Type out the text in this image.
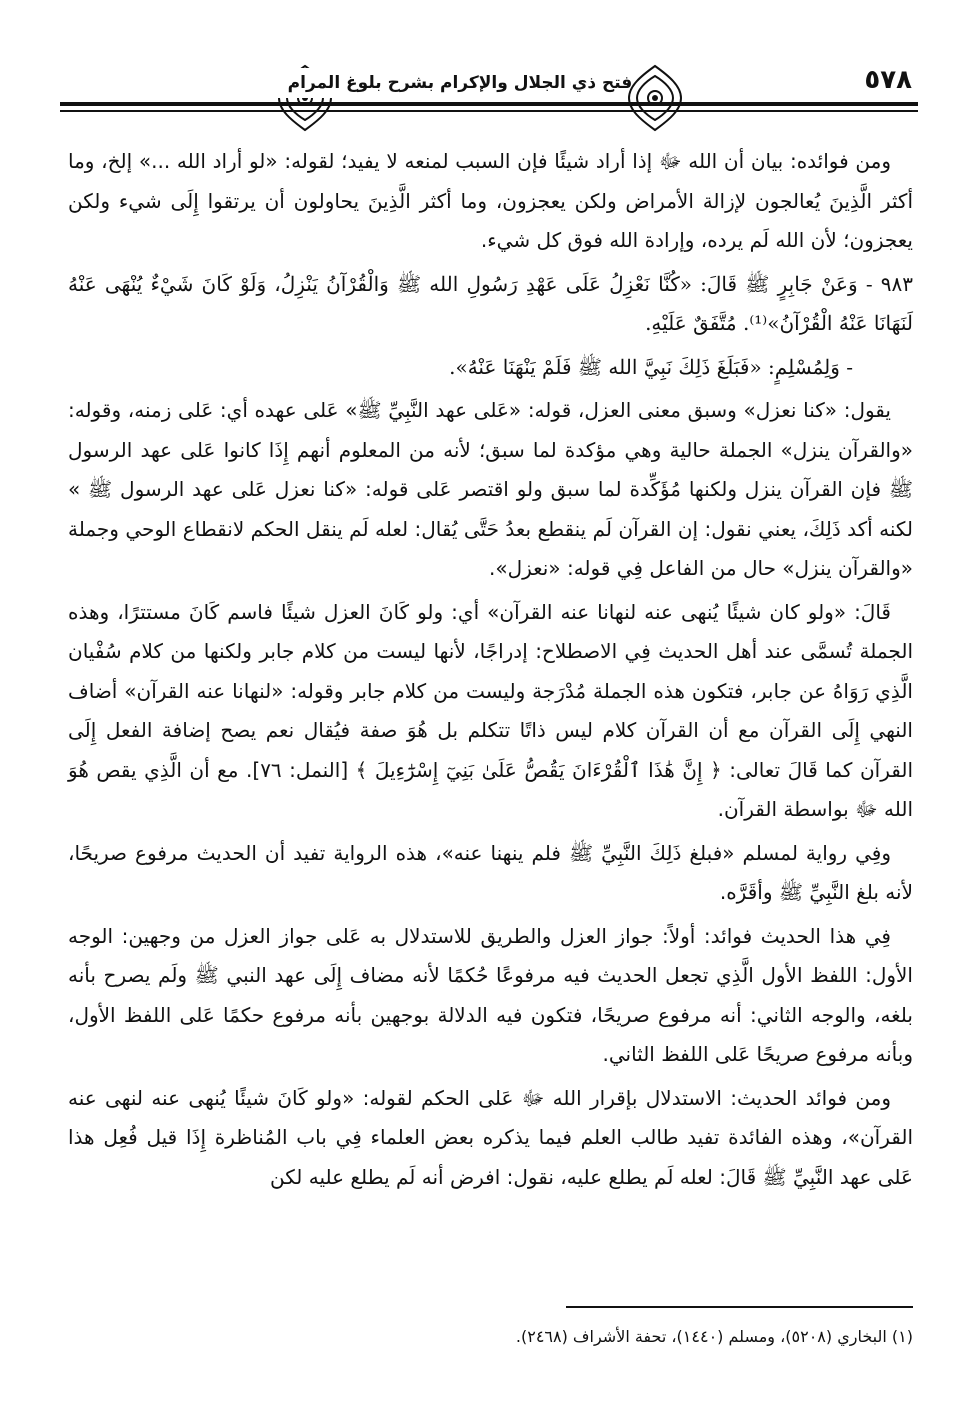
فتح ذي الجلال والإكرام بشرح بلوغ المرام	٥٧٨

ومن فوائده: بيان أن الله ﷻ إذا أراد شيئًا فإن السبب لمنعه لا يفيد؛ لقوله: «لو أراد الله ...» إلخ، وما أكثر الَّذِينَ يُعالجون لإزالة الأمراض ولكن يعجزون، وما أكثر الَّذِينَ يحاولون أن يرتقوا إِلَى شيء ولكن يعجزون؛ لأن الله لَم يرده، وإرادة الله فوق كل شيء.

٩٨٣ - وَعَنْ جَابِرٍ ﷺ قَالَ: «كُنَّا نَعْزِلُ عَلَى عَهْدِ رَسُولِ الله ﷺ وَالْقُرْآنُ يَنْزِلُ، وَلَوْ كَانَ شَيْءٌ يُنْهَى عَنْهُ لَنَهَانَا عَنْهُ الْقُرْآنُ»⁽¹⁾. مُتَّفَقٌ عَلَيْهِ.

- وَلِمُسْلِمٍ: «فَبَلَغَ ذَلِكَ نَبِيَّ الله ﷺ فَلَمْ يَنْهَنَا عَنْهُ».

يقول: «كنا نعزل» وسبق معنى العزل، قوله: «عَلى عهد النَّبِيِّ ﷺ» عَلى عهده أي: عَلى زمنه، وقوله: «والقرآن ينزل» الجملة حالية وهي مؤكدة لما سبق؛ لأنه من المعلوم أنهم إِذَا كانوا عَلى عهد الرسول ﷺ فإن القرآن ينزل ولكنها مُؤَكِّدة لما سبق ولو اقتصر عَلى قوله: «كنا نعزل عَلى عهد الرسول ﷺ » لكنه أكد ذَلِكَ، يعني نقول: إن القرآن لَم ينقطع بعدُ حَتَّى يُقال: لعله لَم ينقل الحكم لانقطاع الوحي وجملة «والقرآن ينزل» حال من الفاعل فِي قوله: «نعزل».

قَالَ: «ولو كان شيئًا يُنهى عنه لنهانا عنه القرآن» أي: ولو كَانَ العزل شيئًا فاسم كَانَ مستترًا، وهذه الجملة تُسمَّى عند أهل الحديث فِي الاصطلاح: إدراجًا، لأنها ليست من كلام جابر ولكنها من كلام سُفْيان الَّذِي رَوَاهُ عن جابر، فتكون هذه الجملة مُدْرَجة وليست من كلام جابر وقوله: «لنهانا عنه القرآن» أضاف النهي إِلَى القرآن مع أن القرآن كلام ليس ذاتًا تتكلم بل هُوَ صفة فيُقال نعم يصح إضافة الفعل إِلَى القرآن كما قَالَ تعالى: ﴿ إِنَّ هَٰذَا ٱلْقُرْءَانَ يَقُصُّ عَلَىٰ بَنِيٓ إِسْرَٰٓءِيلَ ﴾ [النمل: ٧٦]. مع أن الَّذِي يقص هُوَ الله ﷻ بواسطة القرآن.

وفِي رواية لمسلم «فبلغ ذَلِكَ النَّبِيِّ ﷺ فلم ينهنا عنه»، هذه الرواية تفيد أن الحديث مرفوع صريحًا، لأنه بلغ النَّبِيِّ ﷺ وأقَرَّه.

فِي هذا الحديث فوائد: أولاً: جواز العزل والطريق للاستدلال به عَلى جواز العزل من وجهين: الوجه الأول: اللفظ الأول الَّذِي تجعل الحديث فيه مرفوعًا حُكمًا لأنه مضاف إِلَى عهد النبي ﷺ ولَم يصرح بأنه بلغه، والوجه الثاني: أنه مرفوع صريحًا، فتكون فيه الدلالة بوجهين بأنه مرفوع حكمًا عَلى اللفظ الأول، وبأنه مرفوع صريحًا عَلى اللفظ الثاني.

ومن فوائد الحديث: الاستدلال بإقرار الله ﷻ عَلى الحكم لقوله: «ولو كَانَ شيئًا يُنهى عنه لنهى عنه القرآن»، وهذه الفائدة تفيد طالب العلم فيما يذكره بعض العلماء فِي باب المُناظرة إِذَا قيل فُعِل هذا عَلى عهد النَّبِيِّ ﷺ قَالَ: لعله لَم يطلع عليه، نقول: افرض أنه لَم يطلع عليه لكن

(١) البخاري (٥٢٠٨)، ومسلم (١٤٤٠)، تحفة الأشراف (٢٤٦٨).
